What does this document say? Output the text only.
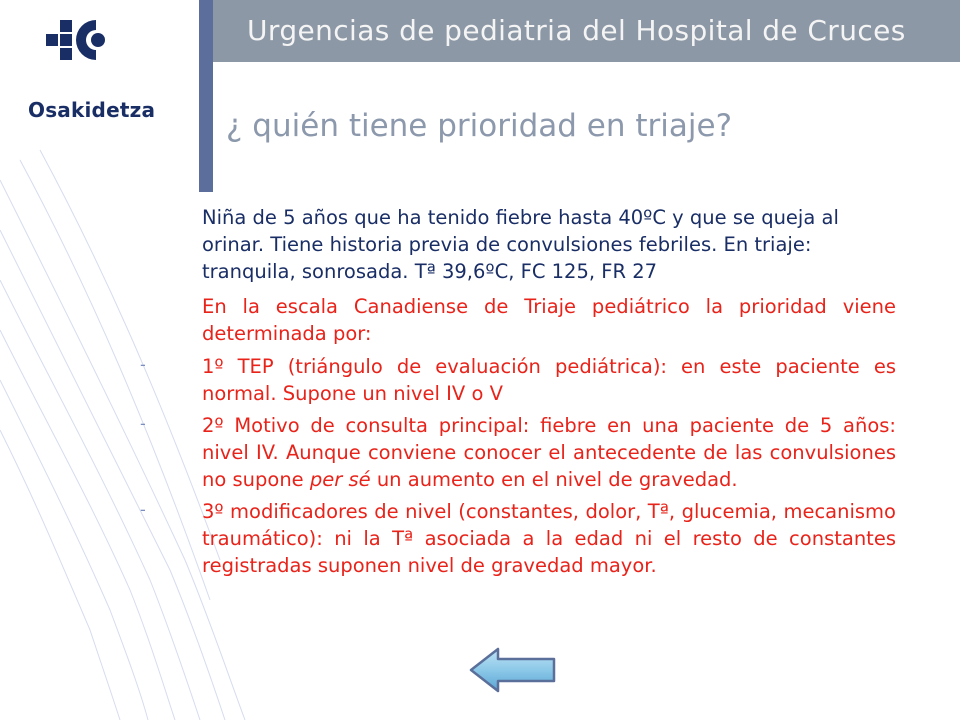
Osakidetza
Urgencias de pediatria del Hospital de Cruces
¿ quién tiene prioridad en triaje?

Niña de 5 años que ha tenido fiebre hasta 40ºC y que se queja al orinar. Tiene historia previa de convulsiones febriles. En triaje: tranquila, sonrosada. Tª 39,6ºC, FC 125, FR 27

En la escala Canadiense de Triaje pediátrico la prioridad viene determinada por:

-	1º TEP (triángulo de evaluación pediátrica): en este paciente es normal. Supone un nivel IV o V

-	2º Motivo de consulta principal: fiebre en una paciente de 5 años: nivel IV. Aunque conviene conocer el antecedente de las convulsiones no supone per sé un aumento en el nivel de gravedad.

-	3º modificadores de nivel (constantes, dolor, Tª, glucemia, mecanismo traumático): ni la Tª asociada a la edad ni el resto de constantes registradas suponen nivel de gravedad mayor.
